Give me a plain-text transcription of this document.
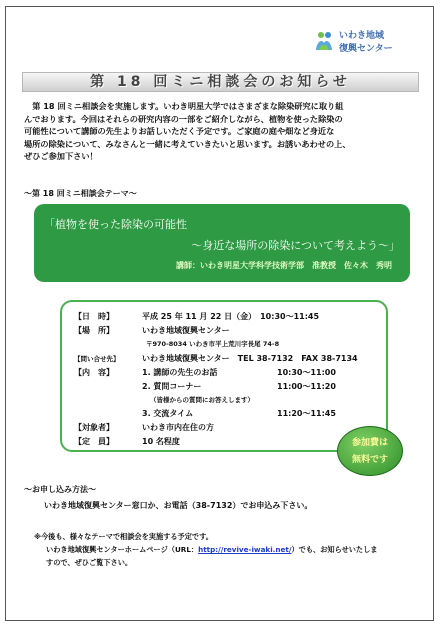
いわき地域
復興センター
第 18 回ミニ相談会のお知らせ

　第 18 回ミニ相談会を実施します。いわき明星大学ではさまざまな除染研究に取り組

んでおります。今回はそれらの研究内容の一部をご紹介しながら、植物を使った除染の

可能性について講師の先生よりお話しいただく予定です。ご家庭の庭や畑など身近な

場所の除染について、みなさんと一緒に考えていきたいと思います。お誘いあわせの上、

ぜひご参加下さい！

～第 18 回ミニ相談会テーマ～
「植物を使った除染の可能性
～身近な場所の除染について考えよう～」
講師：いわき明星大学科学技術学部　准教授　佐々木　秀明
【日　時】	平成 25 年 11 月 22 日（金）　10:30～11:45
【場　所】	いわき地域復興センター
〒970-8034 いわき市平上荒川字長尾 74-8
【問い合せ先】	いわき地域復興センター　TEL 38-7132　FAX 38-7134
【内　容】	1. 講師の先生のお話	10:30～11:00
2. 質問コーナー	11:00～11:20
（皆様からの質問にお答えします）
3. 交流タイム	11:20～11:45
【対象者】	いわき市内在住の方
【定　員】	10 名程度	参加費は
無料です
～お申し込み方法～
いわき地域復興センター窓口か、お電話（38-7132）でお申込み下さい。
※今後も、様々なテーマで相談会を実施する予定です。
いわき地域復興センターホームページ（URL：http://revive-iwaki.net/）でも、お知らせいたしま
すので、ぜひご覧下さい。
